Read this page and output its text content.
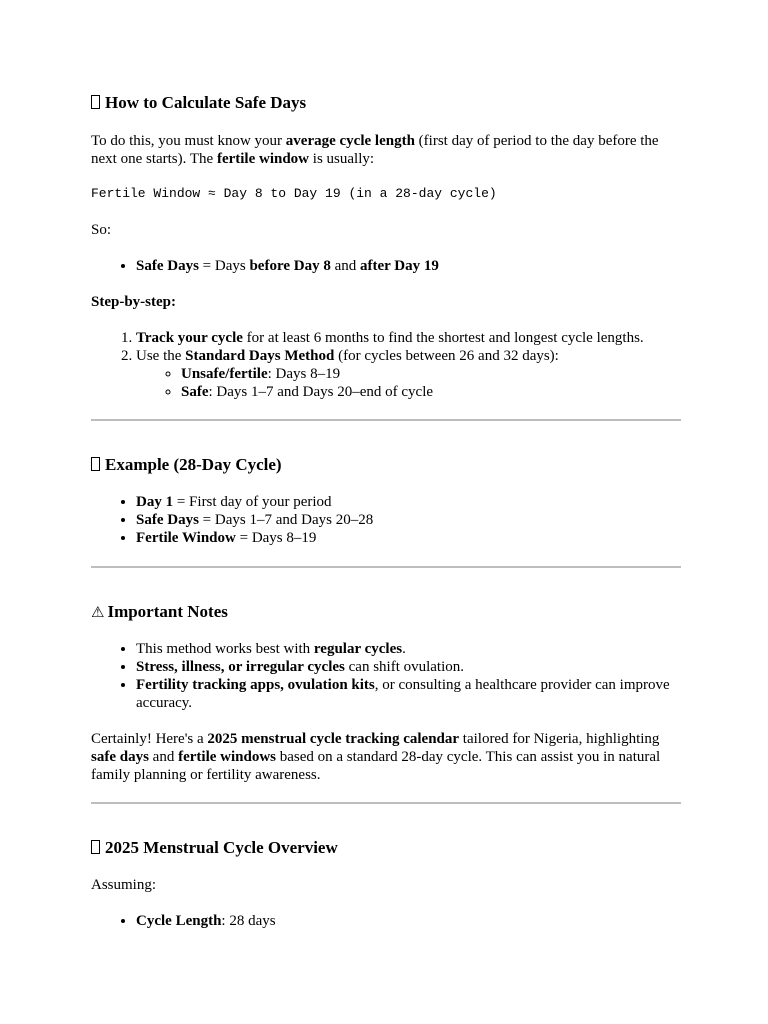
How to Calculate Safe Days

To do this, you must know your average cycle length (first day of period to the day before the next one starts). The fertile window is usually:

Fertile Window ≈ Day 8 to Day 19 (in a 28-day cycle)

So:

• Safe Days = Days before Day 8 and after Day 19

Step-by-step:

1. Track your cycle for at least 6 months to find the shortest and longest cycle lengths.
2. Use the Standard Days Method (for cycles between 26 and 32 days):
◦ Unsafe/fertile: Days 8–19
◦ Safe: Days 1–7 and Days 20–end of cycle
Example (28-Day Cycle)
• Day 1 = First day of your period
• Safe Days = Days 1–7 and Days 20–28
• Fertile Window = Days 8–19
⚠ Important Notes
• This method works best with regular cycles.
• Stress, illness, or irregular cycles can shift ovulation.
• Fertility tracking apps, ovulation kits, or consulting a healthcare provider can improve accuracy.

Certainly! Here's a 2025 menstrual cycle tracking calendar tailored for Nigeria, highlighting safe days and fertile windows based on a standard 28-day cycle. This can assist you in natural family planning or fertility awareness.

2025 Menstrual Cycle Overview

Assuming:

• Cycle Length: 28 days
